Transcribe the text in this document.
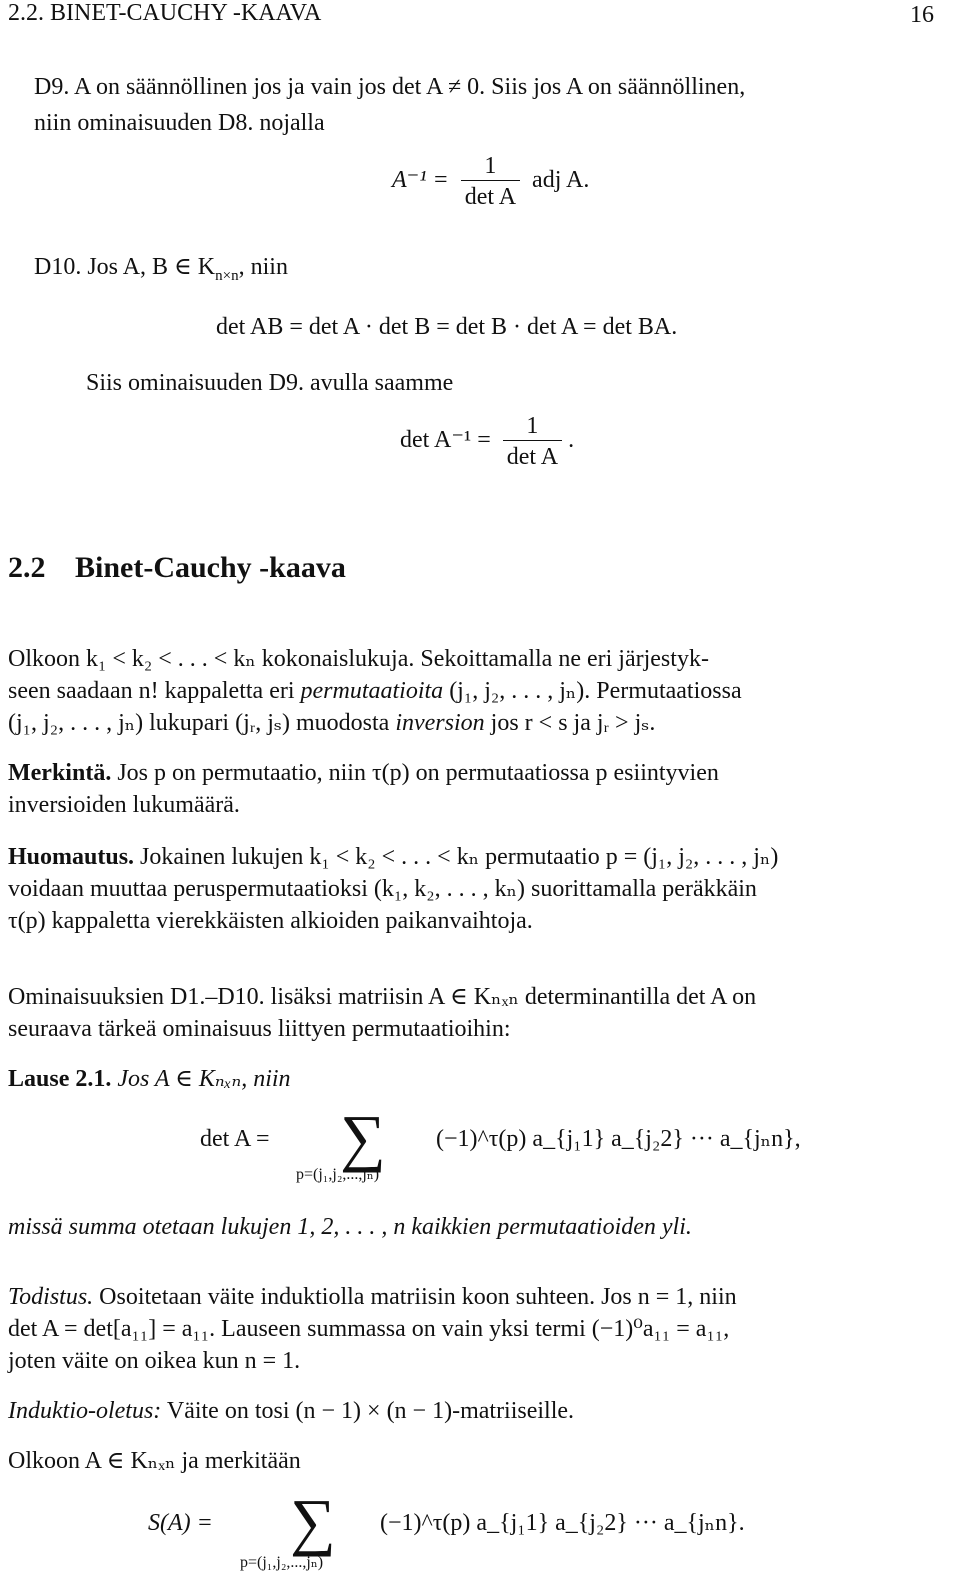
2.2. BINET-CAUCHY -KAAVA	16
D9. A on säännöllinen jos ja vain jos det A ≠ 0. Siis jos A on säännöllinen,
niin ominaisuuden D8. nojalla
$A^{-1} = \frac{1}{\text{det A}}$ adj A.
D10. Jos A, B ∈ $K_{n\times n}$, niin
det AB = det A · det B = det B · det A = det BA.
Siis ominaisuuden D9. avulla saamme
$\det A^{-1} = \frac{1}{\text{det A}}$ .
2.2 Binet-Cauchy -kaava
Olkoon k₁ < k₂ < . . . < kₙ kokonaislukuja. Sekoittamalla ne eri järjestyk-
seen saadaan n! kappaletta eri permutaatioita (j₁, j₂, . . . , jₙ). Permutaatiossa
(j₁, j₂, . . . , jₙ) lukupari (jᵣ, jₛ) muodosta inversion jos r < s ja jᵣ > jₛ.
Merkintä. Jos p on permutaatio, niin τ(p) on permutaatiossa p esiintyvien
inversioiden lukumäärä.
Huomautus. Jokainen lukujen k₁ < k₂ < . . . < kₙ permutaatio p = (j₁, j₂, . . . , jₙ)
voidaan muuttaa peruspermutaatioksi (k₁, k₂, . . . , kₙ) suorittamalla peräkkäin
τ(p) kappaletta vierekkäisten alkioiden paikanvaihtoja.
Ominaisuuksien D1.–D10. lisäksi matriisin A ∈ Kₙₓₙ determinantilla det A on
seuraava tärkeä ominaisuus liittyen permutaatioihin:
Lause 2.1. Jos A ∈ Kₙₓₙ, niin
det A = ∑
p=(j₁,j₂,...,jₙ)
(−1)^τ(p) a_{j₁1} a_{j₂2} ··· a_{jₙn},
missä summa otetaan lukujen 1, 2, . . . , n kaikkien permutaatioiden yli.
Todistus. Osoitetaan väite induktiolla matriisin koon suhteen. Jos n = 1, niin
det A = det[a₁₁] = a₁₁. Lauseen summassa on vain yksi termi (−1)⁰a₁₁ = a₁₁,
joten väite on oikea kun n = 1.
Induktio-oletus: Väite on tosi (n − 1) × (n − 1)-matriiseille.
Olkoon A ∈ Kₙₓₙ ja merkitään
S(A) = ∑
p=(j₁,j₂,...,jₙ)
(−1)^τ(p) a_{j₁1} a_{j₂2} ··· a_{jₙn}.
